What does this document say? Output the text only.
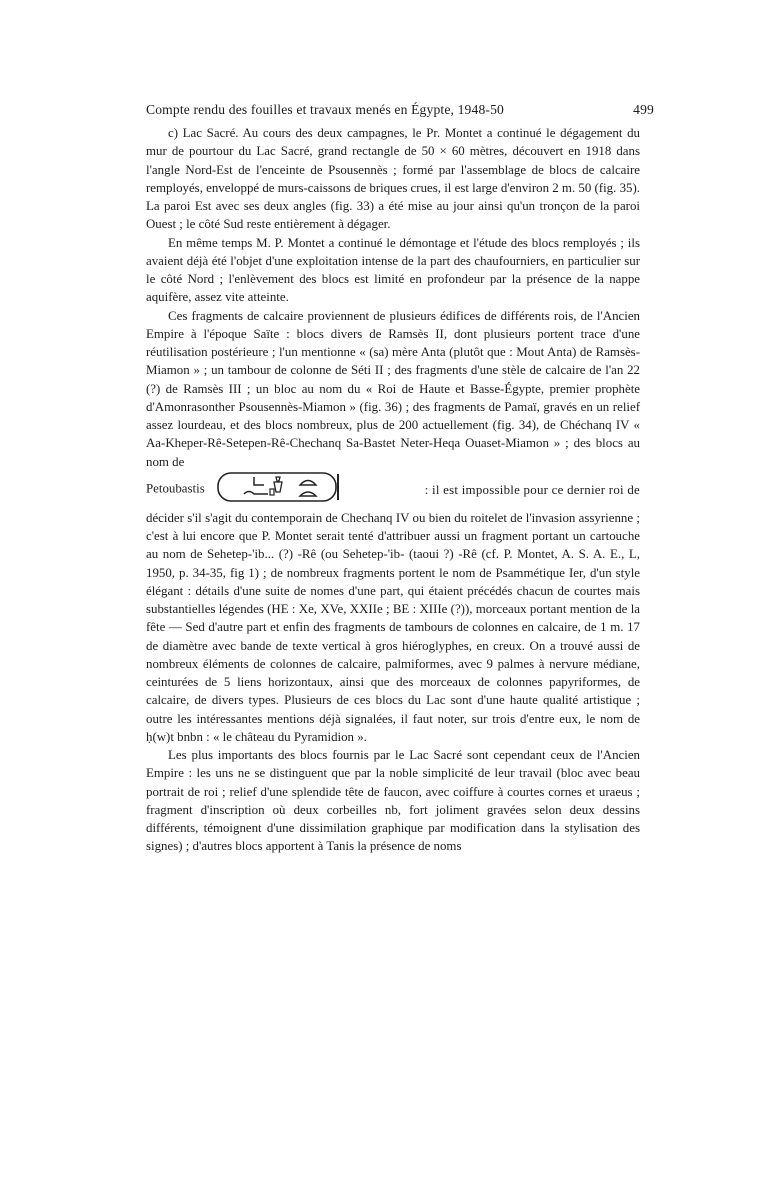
Compte rendu des fouilles et travaux menés en Égypte, 1948-50	499

c) Lac Sacré. Au cours des deux campagnes, le Pr. Montet a continué le dégagement du mur de pourtour du Lac Sacré, grand rectangle de 50 × 60 mètres, découvert en 1918 dans l'angle Nord-Est de l'enceinte de Psousennès ; formé par l'assemblage de blocs de calcaire remployés, enveloppé de murs-caissons de briques crues, il est large d'environ 2 m. 50 (fig. 35). La paroi Est avec ses deux angles (fig. 33) a été mise au jour ainsi qu'un tronçon de la paroi Ouest ; le côté Sud reste entièrement à dégager.

En même temps M. P. Montet a continué le démontage et l'étude des blocs remployés ; ils avaient déjà été l'objet d'une exploitation intense de la part des chaufourniers, en particulier sur le côté Nord ; l'enlèvement des blocs est limité en profondeur par la présence de la nappe aquifère, assez vite atteinte.

Ces fragments de calcaire proviennent de plusieurs édifices de différents rois, de l'Ancien Empire à l'époque Saïte : blocs divers de Ramsès II, dont plusieurs portent trace d'une réutilisation postérieure ; l'un mentionne « (sa) mère Anta (plutôt que : Mout Anta) de Ramsès-Miamon » ; un tambour de colonne de Séti II ; des fragments d'une stèle de calcaire de l'an 22 (?) de Ramsès III ; un bloc au nom du « Roi de Haute et Basse-Égypte, premier prophète d'Amonrasonther Psousennès-Miamon » (fig. 36) ; des fragments de Pamaï, gravés en un relief assez lourdeau, et des blocs nombreux, plus de 200 actuellement (fig. 34), de Chéchanq IV « Aa-Kheper-Rê-Setepen-Rê-Chechanq Sa-Bastet Neter-Heqa Ouaset-Miamon » ; des blocs au nom de

Petoubastis	: il est impossible pour ce dernier roi de

décider s'il s'agit du contemporain de Chechanq IV ou bien du roitelet de l'invasion assyrienne ; c'est à lui encore que P. Montet serait tenté d'attribuer aussi un fragment portant un cartouche au nom de Sehetep-'ib... (?) -Rê (ou Sehetep-'ib- (taoui ?) -Rê (cf. P. Montet, A. S. A. E., L, 1950, p. 34-35, fig 1) ; de nombreux fragments portent le nom de Psammétique Ier, d'un style élégant : détails d'une suite de nomes d'une part, qui étaient précédés chacun de courtes mais substantielles légendes (HE : Xe, XVe, XXIIe ; BE : XIIIe (?)), morceaux portant mention de la fête — Sed d'autre part et enfin des fragments de tambours de colonnes en calcaire, de 1 m. 17 de diamètre avec bande de texte vertical à gros hiéroglyphes, en creux. On a trouvé aussi de nombreux éléments de colonnes de calcaire, palmiformes, avec 9 palmes à nervure médiane, ceinturées de 5 liens horizontaux, ainsi que des morceaux de colonnes papyriformes, de calcaire, de divers types. Plusieurs de ces blocs du Lac sont d'une haute qualité artistique ; outre les intéressantes mentions déjà signalées, il faut noter, sur trois d'entre eux, le nom de ḥ(w)t bnbn : « le château du Pyramidion ».

Les plus importants des blocs fournis par le Lac Sacré sont cependant ceux de l'Ancien Empire : les uns ne se distinguent que par la noble simplicité de leur travail (bloc avec beau portrait de roi ; relief d'une splendide tête de faucon, avec coiffure à courtes cornes et uraeus ; fragment d'inscription où deux corbeilles nb, fort joliment gravées selon deux dessins différents, témoignent d'une dissimilation graphique par modification dans la stylisation des signes) ; d'autres blocs apportent à Tanis la présence de noms
